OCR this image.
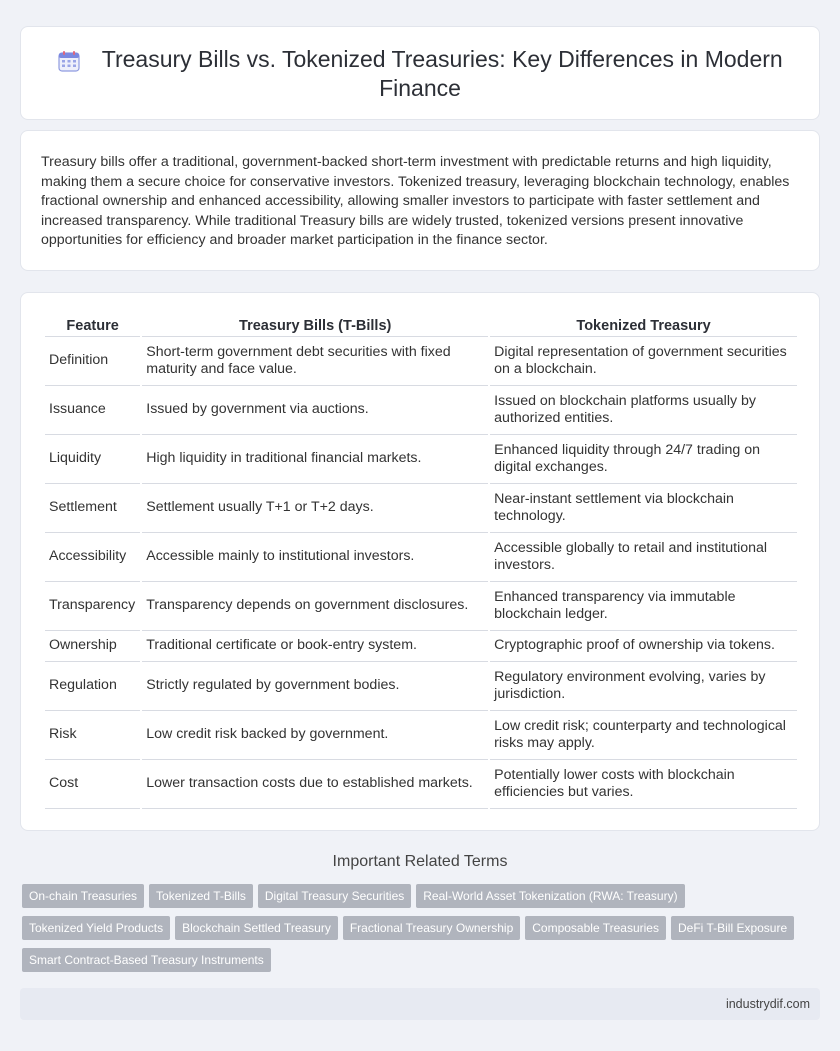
Treasury Bills vs. Tokenized Treasuries: Key Differences in Modern Finance

Treasury bills offer a traditional, government-backed short-term investment with predictable returns and high liquidity, making them a secure choice for conservative investors. Tokenized treasury, leveraging blockchain technology, enables fractional ownership and enhanced accessibility, allowing smaller investors to participate with faster settlement and increased transparency. While traditional Treasury bills are widely trusted, tokenized versions present innovative opportunities for efficiency and broader market participation in the finance sector.

Feature	Treasury Bills (T-Bills)	Tokenized Treasury
Definition	Short-term government debt securities with fixed maturity and face value.	Digital representation of government securities on a blockchain.
Issuance	Issued by government via auctions.	Issued on blockchain platforms usually by authorized entities.
Liquidity	High liquidity in traditional financial markets.	Enhanced liquidity through 24/7 trading on digital exchanges.
Settlement	Settlement usually T+1 or T+2 days.	Near-instant settlement via blockchain technology.
Accessibility	Accessible mainly to institutional investors.	Accessible globally to retail and institutional investors.
Transparency	Transparency depends on government disclosures.	Enhanced transparency via immutable blockchain ledger.
Ownership	Traditional certificate or book-entry system.	Cryptographic proof of ownership via tokens.
Regulation	Strictly regulated by government bodies.	Regulatory environment evolving, varies by jurisdiction.
Risk	Low credit risk backed by government.	Low credit risk; counterparty and technological risks may apply.
Cost	Lower transaction costs due to established markets.	Potentially lower costs with blockchain efficiencies but varies.
Important Related Terms
On-chain Treasuries Tokenized T-Bills Digital Treasury Securities Real-World Asset Tokenization (RWA: Treasury)
Tokenized Yield Products Blockchain Settled Treasury Fractional Treasury Ownership Composable Treasuries DeFi T-Bill Exposure
Smart Contract-Based Treasury Instruments
industrydif.com
